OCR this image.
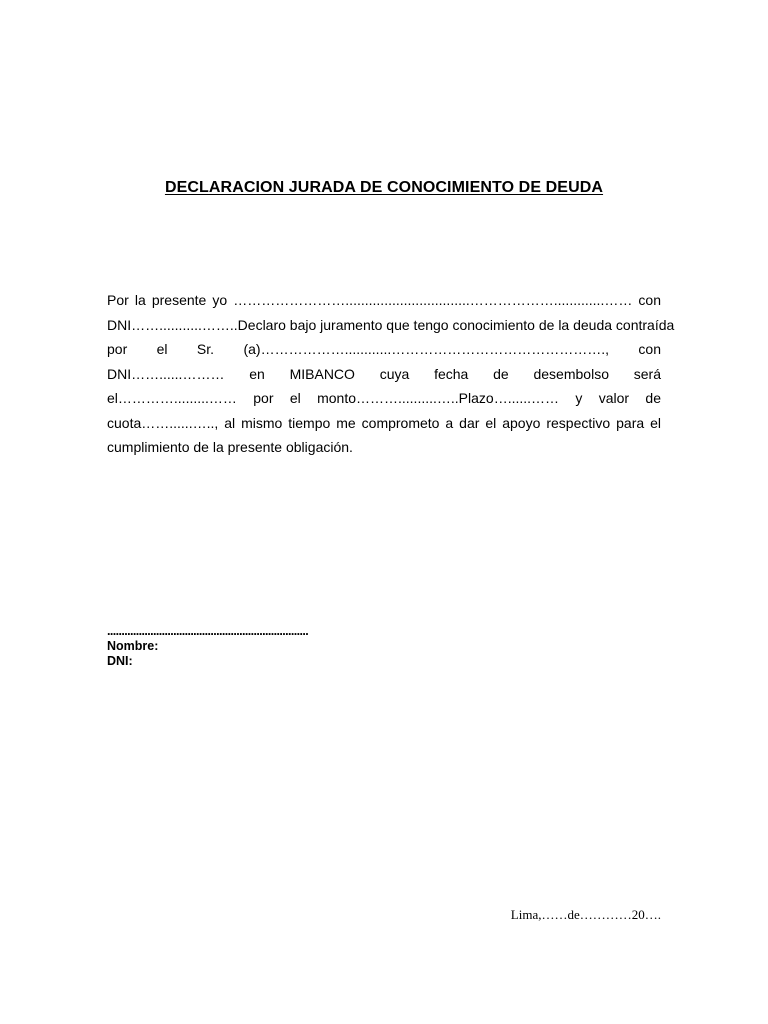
DECLARACION JURADA DE CONOCIMIENTO DE DEUDA
Por la presente yo ……………………................................……………….............…… con
DNI……...........……..Declaro bajo juramento que tengo conocimiento de la deuda contraída
por el Sr. (a)………………............………………………………………., con
DNI……......……… en MIBANCO cuya fecha de desembolso será
el………….........…… por el monto………..........…..Plazo…......…… y valor de
cuota……......….., al mismo tiempo me comprometo a dar el apoyo respectivo para el
cumplimiento de la presente obligación.
......................................................................
Nombre:
DNI:
Lima,……de…………20….
